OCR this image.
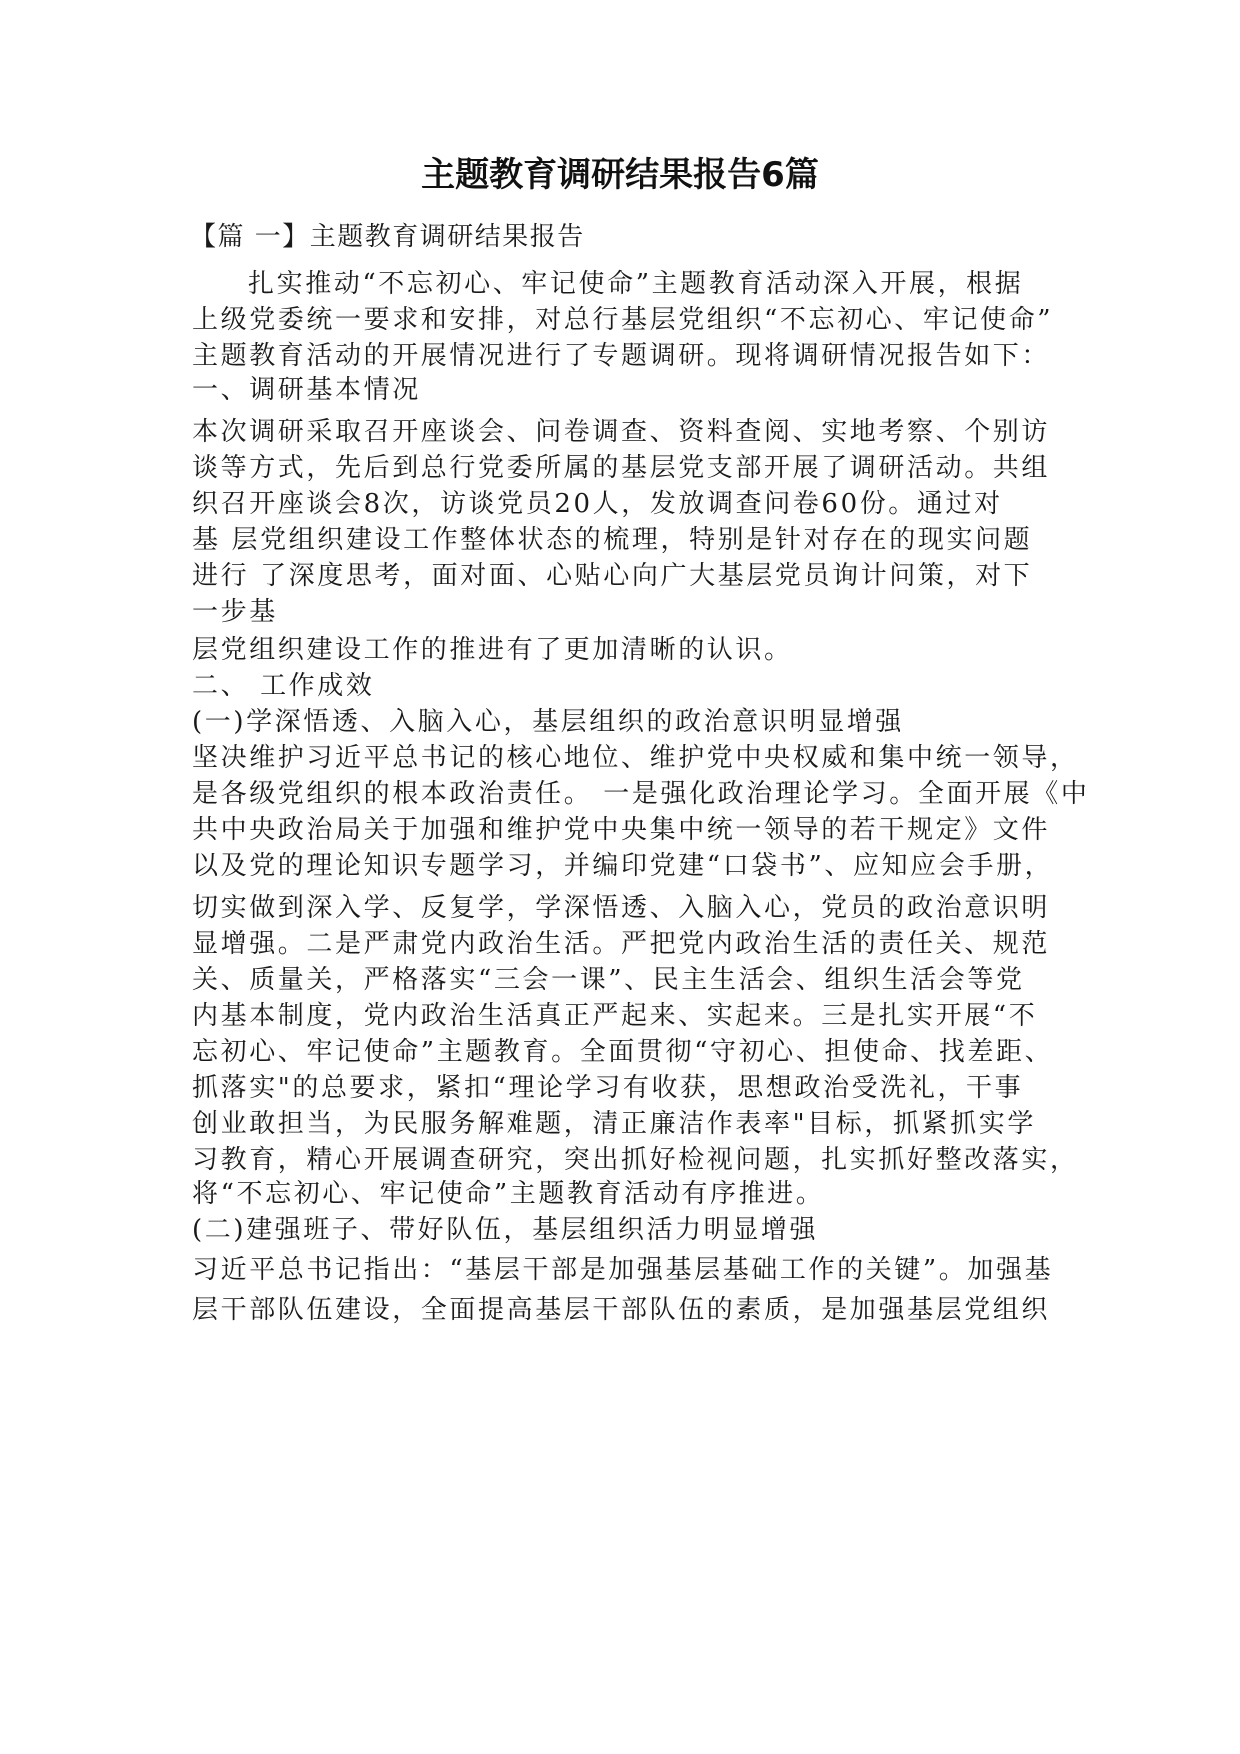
主题教育调研结果报告6篇
【篇 一】主题教育调研结果报告
扎实推动“不忘初心、牢记使命”主题教育活动深入开展，根据
上级党委统一要求和安排，对总行基层党组织“不忘初心、牢记使命”
主题教育活动的开展情况进行了专题调研。现将调研情况报告如下：
一、调研基本情况
本次调研采取召开座谈会、问卷调查、资料查阅、实地考察、个别访
谈等方式，先后到总行党委所属的基层党支部开展了调研活动。共组
织召开座谈会8次，访谈党员20人，发放调查问卷60份。通过对
基 层党组织建设工作整体状态的梳理，特别是针对存在的现实问题
进行 了深度思考，面对面、心贴心向广大基层党员询计问策，对下
一步基
层党组织建设工作的推进有了更加清晰的认识。
二、 工作成效
(一)学深悟透、入脑入心，基层组织的政治意识明显增强
坚决维护习近平总书记的核心地位、维护党中央权威和集中统一领导，
是各级党组织的根本政治责任。 一是强化政治理论学习。全面开展《中
共中央政治局关于加强和维护党中央集中统一领导的若干规定》文件
以及党的理论知识专题学习，并编印党建“口袋书”、应知应会手册，
切实做到深入学、反复学，学深悟透、入脑入心，党员的政治意识明
显增强。二是严肃党内政治生活。严把党内政治生活的责任关、规范
关、质量关，严格落实“三会一课”、民主生活会、组织生活会等党
内基本制度，党内政治生活真正严起来、实起来。三是扎实开展“不
忘初心、牢记使命”主题教育。全面贯彻“守初心、担使命、找差距、
抓落实"的总要求，紧扣“理论学习有收获，思想政治受洗礼，干事
创业敢担当，为民服务解难题，清正廉洁作表率"目标，抓紧抓实学
习教育，精心开展调查研究，突出抓好检视问题，扎实抓好整改落实，
将“不忘初心、牢记使命”主题教育活动有序推进。
(二)建强班子、带好队伍，基层组织活力明显增强
习近平总书记指出：“基层干部是加强基层基础工作的关键”。加强基
层干部队伍建设，全面提高基层干部队伍的素质，是加强基层党组织
